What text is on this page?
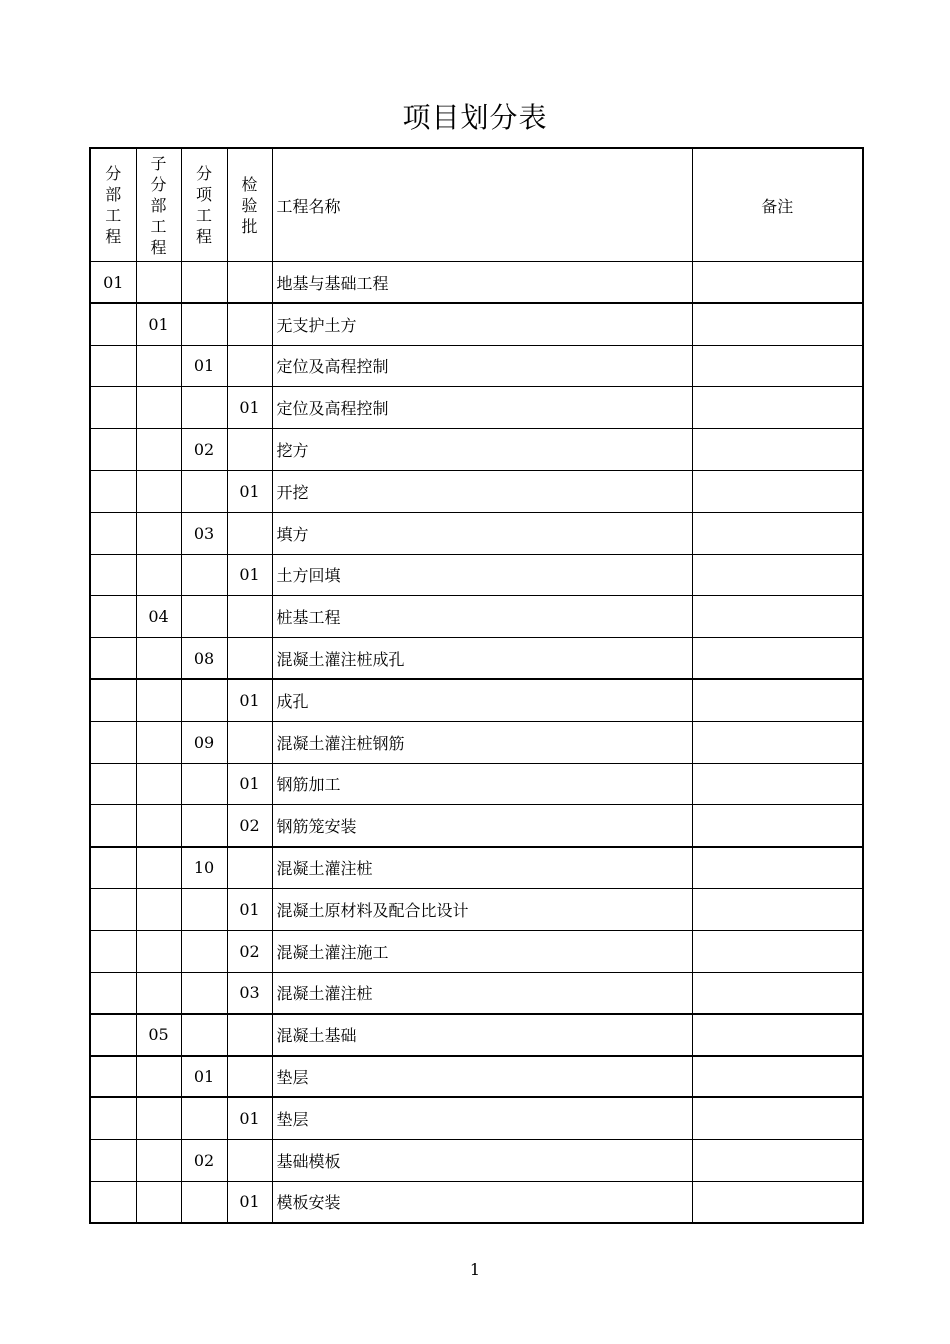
项目划分表
分部工程	子分部工程	分项工程	检验批	工程名称	备注
01				地基与基础工程	
	01			无支护土方	
		01		定位及高程控制	
			01	定位及高程控制	
		02		挖方	
			01	开挖	
		03		填方	
			01	土方回填	
	04			桩基工程	
		08		混凝土灌注桩成孔	
			01	成孔	
		09		混凝土灌注桩钢筋	
			01	钢筋加工	
			02	钢筋笼安装	
		10		混凝土灌注桩	
			01	混凝土原材料及配合比设计	
			02	混凝土灌注施工	
			03	混凝土灌注桩	
	05			混凝土基础	
		01		垫层	
			01	垫层	
		02		基础模板	
			01	模板安装	
1
